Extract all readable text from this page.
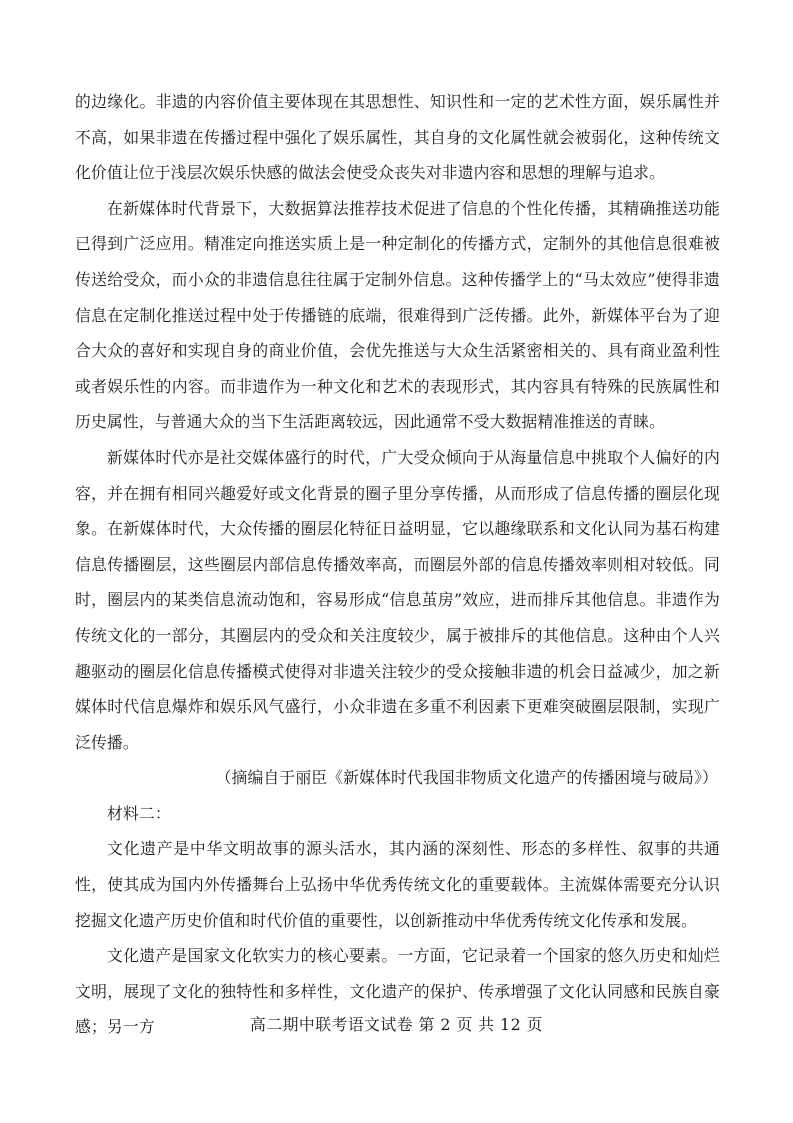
的边缘化。非遗的内容价值主要体现在其思想性、知识性和一定的艺术性方面，娱乐属性并不高，如果非遗在传播过程中强化了娱乐属性，其自身的文化属性就会被弱化，这种传统文化价值让位于浅层次娱乐快感的做法会使受众丧失对非遗内容和思想的理解与追求。

在新媒体时代背景下，大数据算法推荐技术促进了信息的个性化传播，其精确推送功能已得到广泛应用。精准定向推送实质上是一种定制化的传播方式，定制外的其他信息很难被传送给受众，而小众的非遗信息往往属于定制外信息。这种传播学上的“马太效应”使得非遗信息在定制化推送过程中处于传播链的底端，很难得到广泛传播。此外，新媒体平台为了迎合大众的喜好和实现自身的商业价值，会优先推送与大众生活紧密相关的、具有商业盈利性或者娱乐性的内容。而非遗作为一种文化和艺术的表现形式，其内容具有特殊的民族属性和历史属性，与普通大众的当下生活距离较远，因此通常不受大数据精准推送的青睐。

新媒体时代亦是社交媒体盛行的时代，广大受众倾向于从海量信息中挑取个人偏好的内容，并在拥有相同兴趣爱好或文化背景的圈子里分享传播，从而形成了信息传播的圈层化现象。在新媒体时代，大众传播的圈层化特征日益明显，它以趣缘联系和文化认同为基石构建信息传播圈层，这些圈层内部信息传播效率高，而圈层外部的信息传播效率则相对较低。同时，圈层内的某类信息流动饱和，容易形成“信息茧房”效应，进而排斥其他信息。非遗作为传统文化的一部分，其圈层内的受众和关注度较少，属于被排斥的其他信息。这种由个人兴趣驱动的圈层化信息传播模式使得对非遗关注较少的受众接触非遗的机会日益减少，加之新媒体时代信息爆炸和娱乐风气盛行，小众非遗在多重不利因素下更难突破圈层限制，实现广泛传播。

（摘编自于丽臣《新媒体时代我国非物质文化遗产的传播困境与破局》）

材料二：

文化遗产是中华文明故事的源头活水，其内涵的深刻性、形态的多样性、叙事的共通性，使其成为国内外传播舞台上弘扬中华优秀传统文化的重要载体。主流媒体需要充分认识挖掘文化遗产历史价值和时代价值的重要性，以创新推动中华优秀传统文化传承和发展。

文化遗产是国家文化软实力的核心要素。一方面，它记录着一个国家的悠久历史和灿烂文明，展现了文化的独特性和多样性，文化遗产的保护、传承增强了文化认同感和民族自豪感；另一方	高二期中联考语文试卷 第 2 页 共 12 页
